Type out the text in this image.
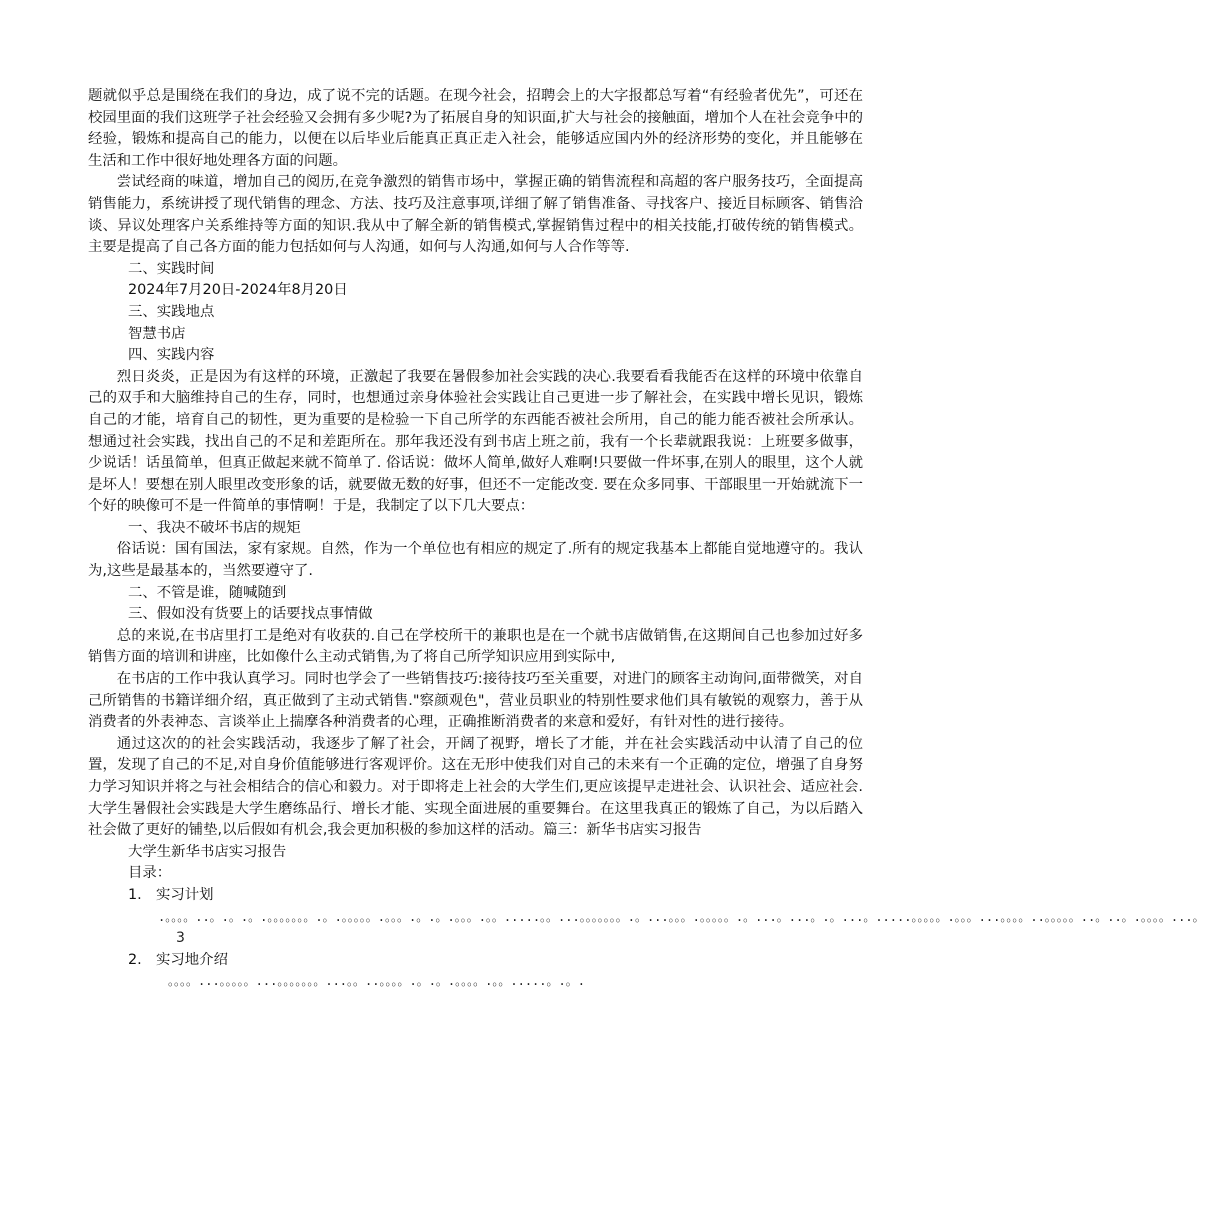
题就似乎总是围绕在我们的身边，成了说不完的话题。在现今社会，招聘会上的大字报都总写着“有经验者优先”，可还在校园里面的我们这班学子社会经验又会拥有多少呢?为了拓展自身的知识面,扩大与社会的接触面，增加个人在社会竞争中的经验，锻炼和提高自己的能力，以便在以后毕业后能真正真正走入社会，能够适应国内外的经济形势的变化，并且能够在生活和工作中很好地处理各方面的问题。

尝试经商的味道，增加自己的阅历,在竞争激烈的销售市场中，掌握正确的销售流程和高超的客户服务技巧，全面提高销售能力，系统讲授了现代销售的理念、方法、技巧及注意事项,详细了解了销售准备、寻找客户、接近目标顾客、销售洽谈、异议处理客户关系维持等方面的知识.我从中了解全新的销售模式,掌握销售过程中的相关技能,打破传统的销售模式。主要是提高了自己各方面的能力包括如何与人沟通，如何与人沟通,如何与人合作等等.

二、实践时间

2024年7月20日-2024年8月20日

三、实践地点

智慧书店

四、实践内容

烈日炎炎，正是因为有这样的环境，正激起了我要在暑假参加社会实践的决心.我要看看我能否在这样的环境中依靠自己的双手和大脑维持自己的生存，同时，也想通过亲身体验社会实践让自己更进一步了解社会，在实践中增长见识，锻炼自己的才能，培育自己的韧性，更为重要的是检验一下自己所学的东西能否被社会所用，自己的能力能否被社会所承认。想通过社会实践，找出自己的不足和差距所在。那年我还没有到书店上班之前，我有一个长辈就跟我说：上班要多做事，少说话！话虽简单，但真正做起来就不简单了. 俗话说：做坏人简单,做好人难啊!只要做一件坏事,在别人的眼里，这个人就是坏人！要想在别人眼里改变形象的话，就要做无数的好事，但还不一定能改变. 要在众多同事、干部眼里一开始就流下一个好的映像可不是一件简单的事情啊！于是，我制定了以下几大要点：

一、我决不破坏书店的规矩

俗话说：国有国法，家有家规。自然，作为一个单位也有相应的规定了.所有的规定我基本上都能自觉地遵守的。我认为,这些是最基本的，当然要遵守了.

二、不管是谁，随喊随到

三、假如没有货要上的话要找点事情做

总的来说,在书店里打工是绝对有收获的.自己在学校所干的兼职也是在一个就书店做销售,在这期间自己也参加过好多销售方面的培训和讲座，比如像什么主动式销售,为了将自己所学知识应用到实际中,

在书店的工作中我认真学习。同时也学会了一些销售技巧:接待技巧至关重要，对进门的顾客主动询问,面带微笑，对自己所销售的书籍详细介绍，真正做到了主动式销售."察颜观色"，营业员职业的特别性要求他们具有敏锐的观察力，善于从消费者的外表神态、言谈举止上揣摩各种消费者的心理，正确推断消费者的来意和爱好，有针对性的进行接待。

通过这次的的社会实践活动，我逐步了解了社会，开阔了视野，增长了才能，并在社会实践活动中认清了自己的位置，发现了自己的不足,对自身价值能够进行客观评价。这在无形中使我们对自己的未来有一个正确的定位，增强了自身努力学习知识并将之与社会相结合的信心和毅力。对于即将走上社会的大学生们,更应该提早走进社会、认识社会、适应社会.大学生暑假社会实践是大学生磨练品行、增长才能、实现全面进展的重要舞台。在这里我真正的锻炼了自己，为以后踏入社会做了更好的铺垫,以后假如有机会,我会更加积极的参加这样的活动。篇三：新华书店实习报告

大学生新华书店实习报告

目录：

1. 实习计划

.。。。。..。.。.。.。。。。。。。.。.。。。。。.。。。.。.。.。。。.。。.....。。...。。。。。。。.。...。。。.。。。。。.。...。...。.。...。.....。。。。。.。。。...。。。。..。。。。。..。..。.。。。。...。3

2. 实习地介绍

。。。。...。。。。。...。。。。。。。...。。..。。。。.。.。.。。。。.。。.....。.。.
